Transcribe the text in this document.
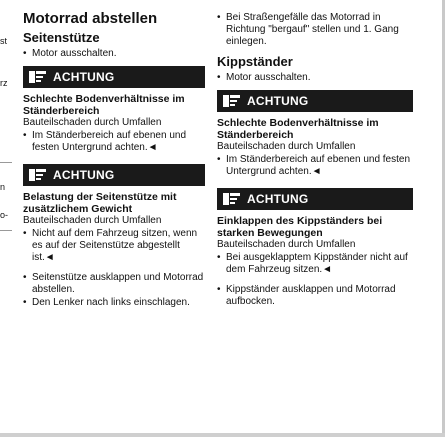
st
rz
n
o-
Motorrad abstellen
Seitenstütze
• Motor ausschalten.
ACHTUNG
Schlechte Bodenverhältnisse im Ständerbereich
Bauteilschaden durch Umfallen
• Im Ständerbereich auf ebenen und festen Untergrund achten.◄
ACHTUNG
Belastung der Seitenstütze mit zusätzlichem Gewicht
Bauteilschaden durch Umfallen
• Nicht auf dem Fahrzeug sitzen, wenn es auf der Seitenstütze abgestellt ist.◄
• Seitenstütze ausklappen und Motorrad abstellen.
• Den Lenker nach links einschlagen.
• Bei Straßengefälle das Motorrad in Richtung "bergauf" stellen und 1. Gang einlegen.
Kippständer
• Motor ausschalten.
ACHTUNG
Schlechte Bodenverhältnisse im Ständerbereich
Bauteilschaden durch Umfallen
• Im Ständerbereich auf ebenen und festen Untergrund achten.◄
ACHTUNG
Einklappen des Kippständers bei starken Bewegungen
Bauteilschaden durch Umfallen
• Bei ausgeklapptem Kippständer nicht auf dem Fahrzeug sitzen.◄
• Kippständer ausklappen und Motorrad aufbocken.
